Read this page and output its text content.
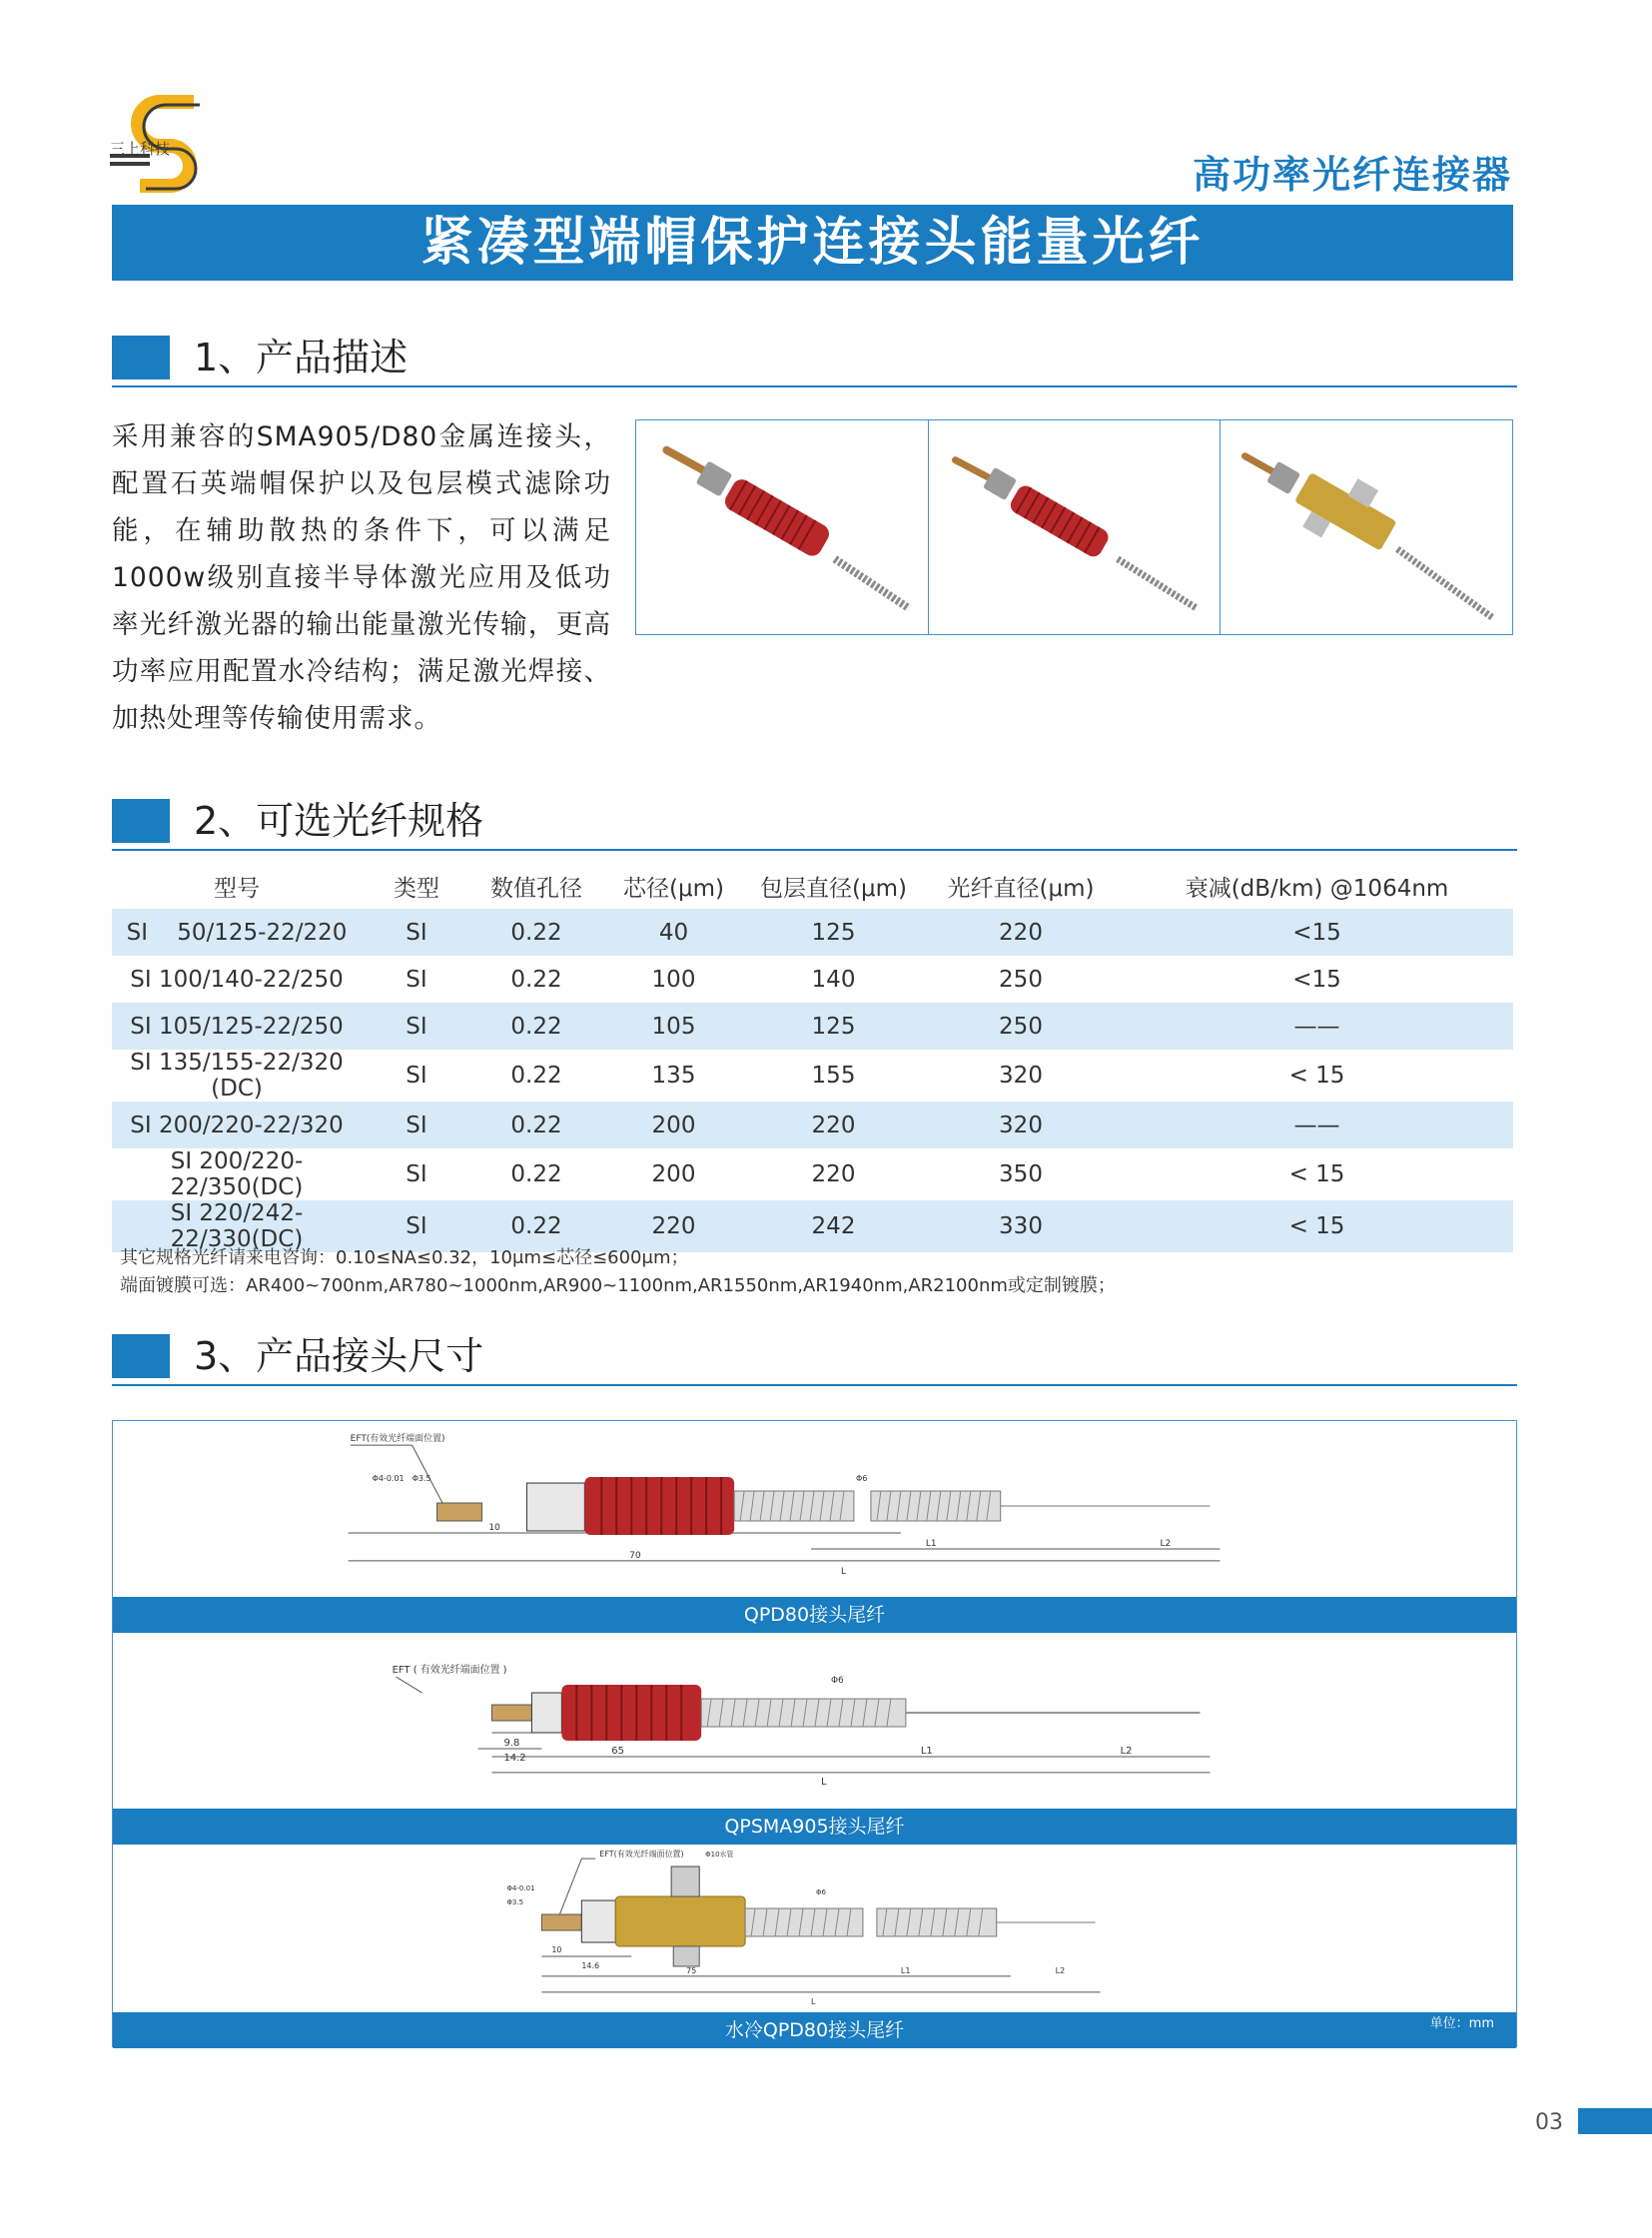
三上科技
高功率光纤连接器
紧凑型端帽保护连接头能量光纤
1、产品描述
采用兼容的SMA905/D80金属连接头，配置石英端帽保护以及包层模式滤除功能，在辅助散热的条件下，可以满足1000w级别直接半导体激光应用及低功率光纤激光器的输出能量激光传输，更高功率应用配置水冷结构；满足激光焊接、加热处理等传输使用需求。
2、可选光纤规格
型号	类型	数值孔径	芯径(μm)	包层直径(μm)	光纤直径(μm)	衰减(dB/km) @1064nm
SI    50/125-22/220	SI	0.22	40	125	220	<15
SI 100/140-22/250	SI	0.22	100	140	250	<15
SI 105/125-22/250	SI	0.22	105	125	250	——
SI 135/155-22/320 (DC)	SI	0.22	135	155	320	< 15
SI 200/220-22/320	SI	0.22	200	220	320	——
SI 200/220-22/350(DC)	SI	0.22	200	220	350	< 15
SI 220/242-22/330(DC)	SI	0.22	220	242	330	< 15
其它规格光纤请来电咨询：0.10≤NA≤0.32，10μm≤芯径≤600μm；
端面镀膜可选：AR400~700nm,AR780~1000nm,AR900~1100nm,AR1550nm,AR1940nm,AR2100nm或定制镀膜；
3、产品接头尺寸
EFT(有效光纤端面位置)
10
70
L1
L
L2
Φ3.5
Φ4-0.01	Φ6
QPD80接头尾纤
EFT ( 有效光纤端面位置 )
9.8
14.2
65	L1	L2
L
Φ6
QPSMA905接头尾纤
EFT(有效光纤端面位置)
10
14.6
75	L1	L2
L
Φ6
Φ3.5
Φ4-0.01
Φ10水管
水冷QPD80接头尾纤	单位：mm
03
